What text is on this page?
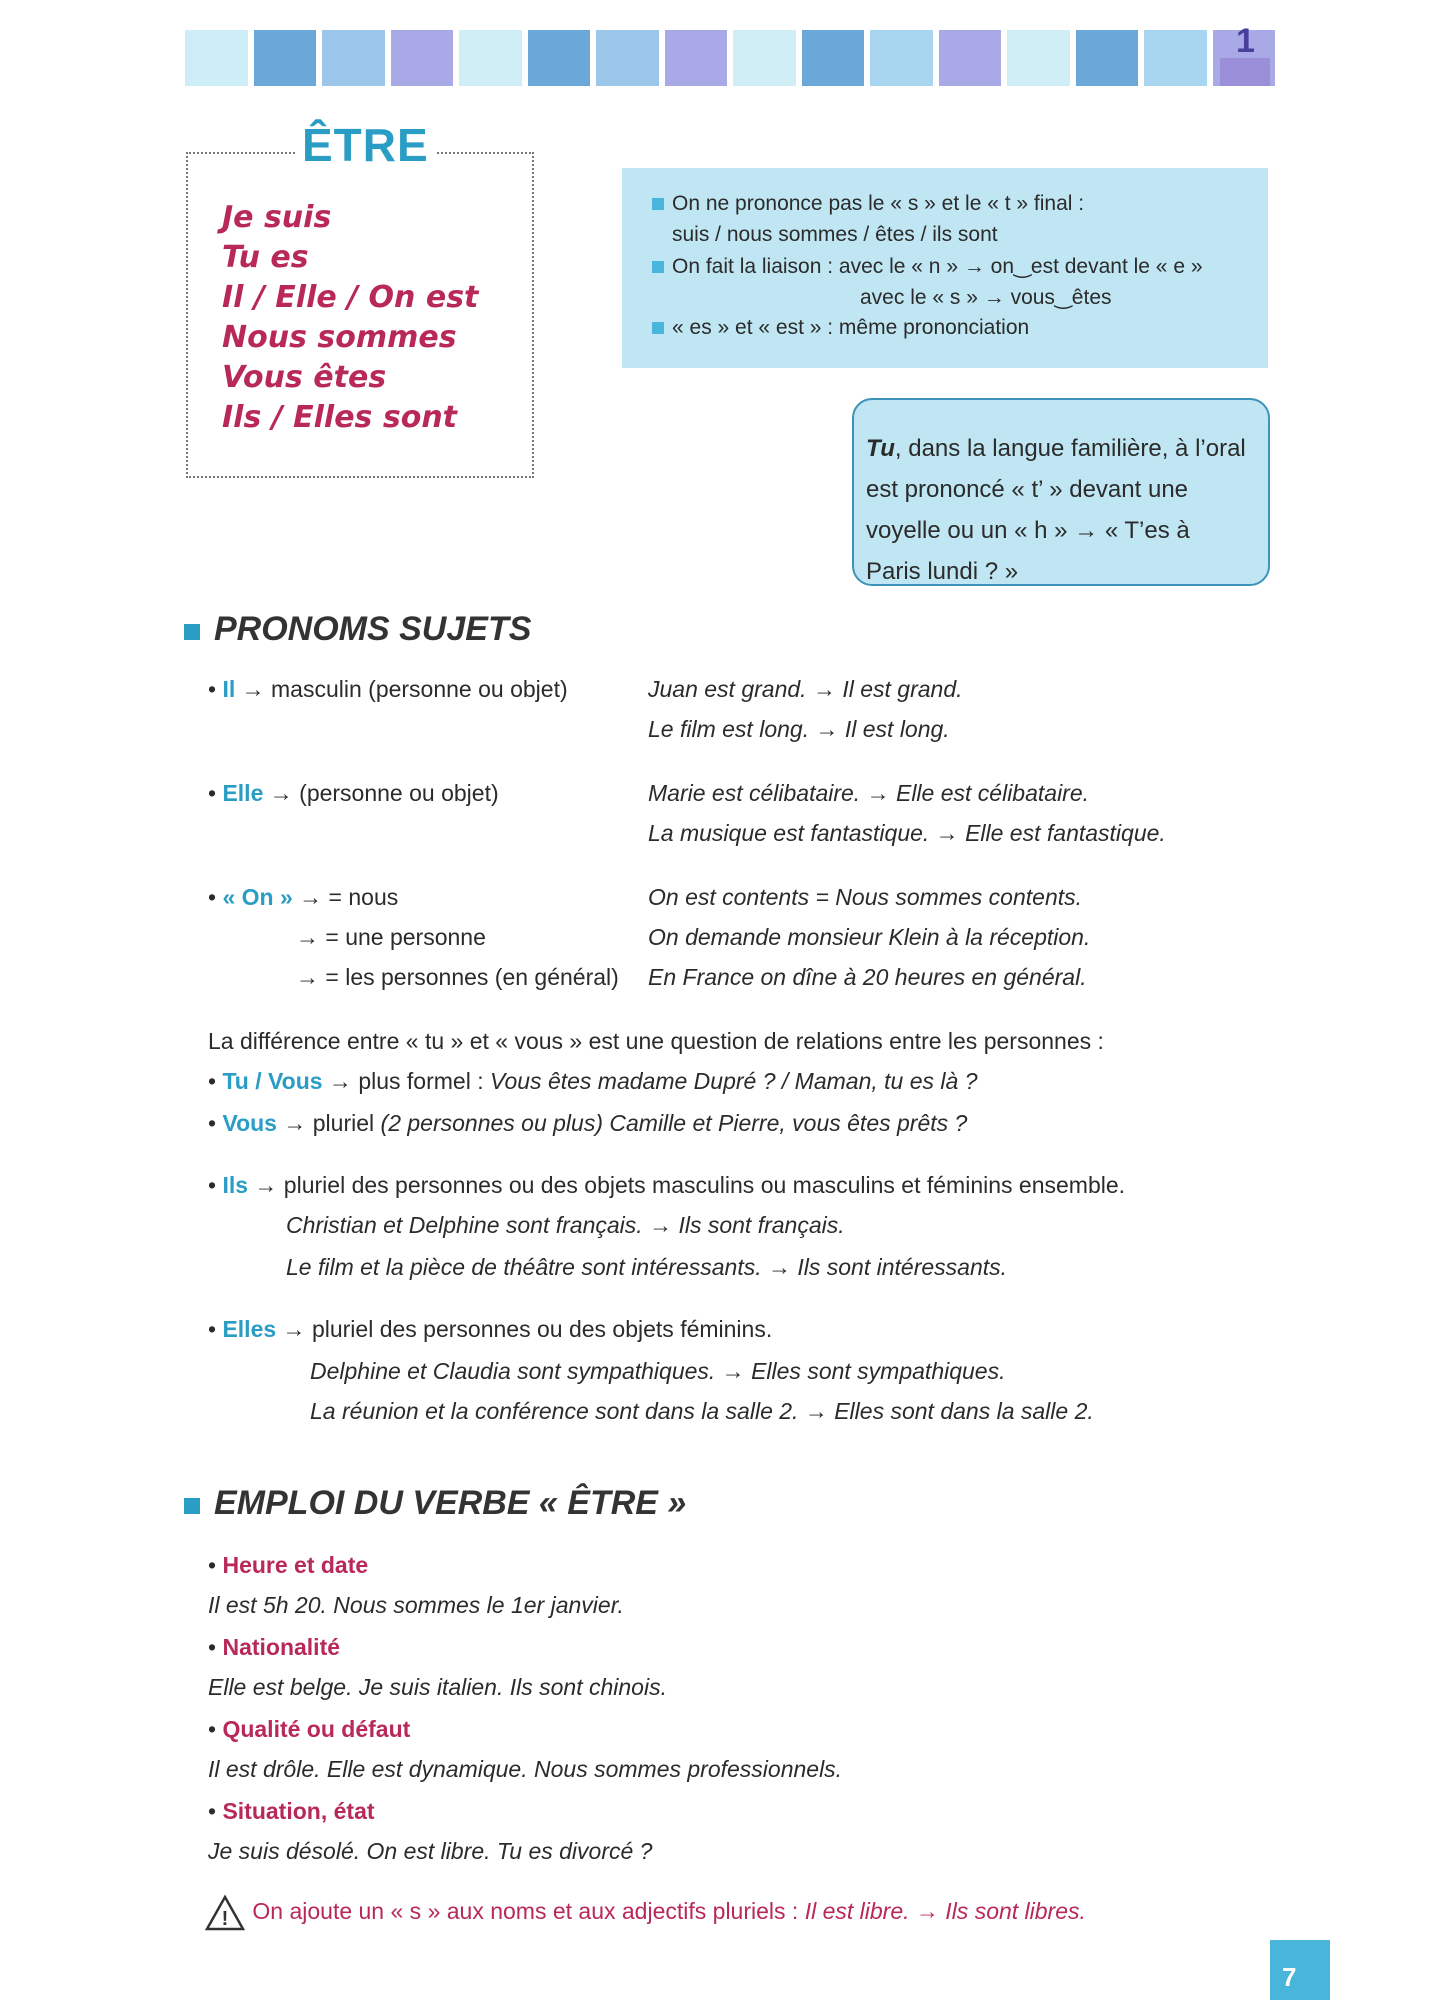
1
ÊTRE
Je suis
Tu es
Il / Elle / On est
Nous sommes
Vous êtes
Ils / Elles sont
On ne prononce pas le « s » et le « t » final :
suis / nous sommes / êtes / ils sont
On fait la liaison : avec le « n » → on‿est devant le « e »
avec le « s » → vous‿êtes
« es » et « est » : même prononciation
Tu, dans la langue familière, à l’oral est prononcé « t’ » devant une voyelle ou un « h » → « T’es à Paris lundi ? »
PRONOMS SUJETS
• Il → masculin (personne ou objet)	Juan est grand. → Il est grand.
Le film est long. → Il est long.
• Elle → (personne ou objet)	Marie est célibataire. → Elle est célibataire.
La musique est fantastique. → Elle est fantastique.
• « On » → = nous
→ = une personne
→ = les personnes (en général)
On est contents = Nous sommes contents.
On demande monsieur Klein à la réception.
En France on dîne à 20 heures en général.
La différence entre « tu » et « vous » est une question de relations entre les personnes :
• Tu / Vous → plus formel : Vous êtes madame Dupré ? / Maman, tu es là ?
• Vous → pluriel (2 personnes ou plus) Camille et Pierre, vous êtes prêts ?
• Ils → pluriel des personnes ou des objets masculins ou masculins et féminins ensemble.
Christian et Delphine sont français. → Ils sont français.
Le film et la pièce de théâtre sont intéressants. → Ils sont intéressants.
• Elles → pluriel des personnes ou des objets féminins.
Delphine et Claudia sont sympathiques. → Elles sont sympathiques.
La réunion et la conférence sont dans la salle 2. → Elles sont dans la salle 2.
EMPLOI DU VERBE « ÊTRE »
• Heure et date
Il est 5h 20. Nous sommes le 1er janvier.
• Nationalité
Elle est belge. Je suis italien. Ils sont chinois.
• Qualité ou défaut
Il est drôle. Elle est dynamique. Nous sommes professionnels.
• Situation, état
Je suis désolé. On est libre. Tu es divorcé ?
! On ajoute un « s » aux noms et aux adjectifs pluriels : Il est libre. → Ils sont libres.
7
